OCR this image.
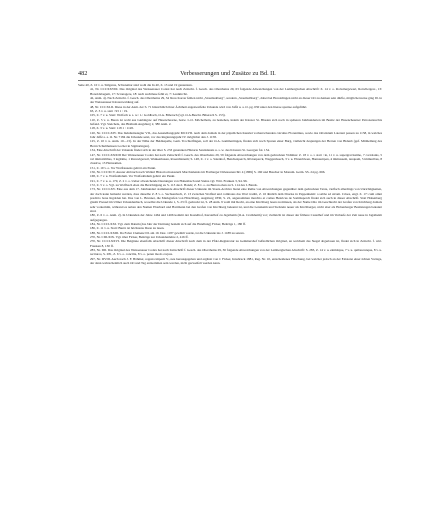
482	Verbesserungen und Zusätze zu Bd. II.

Seite 40, Z. 10 v. u. Sülgerus, Schwiemar sind wohl die In 40, Z. 13 und 19 genannten.

41, Nr. CCCXXVIII. Das Original des Weissenauer Codex hat nach Zeitschr. f. Gesch. des Oberrheins 29, 63 folgende Abweichungen von der Lambergischen Abschrift: Z. 14 v. o. Rotwilergewart, Rotwilergew., 13: Honoldsbegem, 17: Scranagere, 18: nach suchtleue fehlt et, 7: Leutkirchö.

42, Anm. 4). Nach Zeitschr. f. Gesch. des Oberrheins 29, 34 bloss Korrer fehlen nicht „Stoumsalberg“, sondern „Stoumslöberg“, dabei bei Honoldingen nicht an dieser Ort zu denken sein dürfte, möglicherweise ging Ill. in der Weissenauer Klosterwaldung auf.

48, Nr. CCCXLII. Diese in der Anm. der S. 71 hinsichtlich ihrer Ächtheit angezweifelte Urkunde wird von Jaffé u. a. O. pg. 630 unter den literae spuriae aufgeführt.

63, Z. 3 v. u. statt : 93 1 : 19.

105, Z. 7 v. u. Statt: Wolfach u. s. w.: 1.: Goldbach, O.A. Biberach (vgl. O.A.Beschr. Biberach S. 153).

110, Z. 5 v. u. Baren ist wohl aus Giebingaw auf Hasenchearne, bezw. L.O. Möchelbein, zu beziehen, indem der Kloster St. Blasien sich noch in späteren Jahrhunderten im Besitz der Hasenchearner Patronatsrechts befand. Vgl. Steichele, das Bisthum Augsburg 2, 380 Anm. 2.

118, Z. 3 v. u. Statt: 118 1 : 1120.

120, Nr. CCCLXIV. Das Indulteinsiegler VII., das Ausstellungsjahr MCLVII. nach dem damals in der päpstlichen Kanzlei vorherrschenden calculus Florentinus, sowie das Ortsdatum Laterani passen zu 1158, in welches Jahr Jaffé a. a. O. Nr. 7184 die Urkunde setzt, vor das Regierungsjahr IV. möglichst den J. 1158.

125, Z. 10 v. u. Anm. 10—15). In der Nähe der Heidkapelle, Gem. Trochtelfingen, soll der O.A. Gammertingen, finden sich noch Spuren einer Burg, vielleicht desjenigen der Herren von Bidenb (gef. Mittheilung des Herrn Schultheissen Locher in Sigmaringen).

134, Eine Abschrift der Urkunde findet sich in der über S. 233 genannten Historia Sandalensis u. s. w. des Klosters St. Georgen fol. 154.

147, Nr. CCCLXXXIII Der Weissenauer Codex hat nach Zeitschrift f. Gesch. des Oberrheins 29, 59 folgende Abweichungen von dem gedruckten Vidimus: Z. 18 v. o. t. statt : in, 11 v. u. supergravissimo, 7 coriolanis, 5 vel immobilibus, 3 legitime, 1 Rwuwigeswil, Wankenhusen, Rosenbinnem; S. 148, Z. 1 v. o. Salenhof, Henchenperch, Rivianperck, Waggenbaech, 3 v. u. Ehrenbiwen, Hannauirpen, 4 immussem, tenquam, 5 immuribus, 8 classive, 13 Harnsamen.

151, Z. 19 v. o. Vor Wolfrausens gehört ein Punkt.

156, Nr. CCCXCV. Auszer Abbruch nach Walleri Historia monasterii Marchtalensis im Freiburger Diözesanarchiv 4 (1869) S. 160 und Buscher in Monum. Germ. SS. 24 pg. 666.

168, Z. 7 v. u. Wolfaalhdum. Vor Wolfaalhdum gehört ein Punkt.

191, Z. 7 v. u. u. 170, Z. 2 v. o. Ueber abweichende Deutungen von Hohenbach und Steina vgl. Wirt. Franken 3, 94. 96.

172, Z. 5 v. o. Vgl. zu Wolfbach eben die Berichtigung zu S. 113 des I. Bands; Z. 8 v. o. zu Burren eben zu S. 114 des I. Bands.

173, Nr. CCCLXV. Eine aus dem 17. Jahrhundert stammende Abschrift dieser Urkunde im Staats-Archive bietet eine Reihe von Abweichungen gegenüber dem gedruckten Texte, vielfach allerdings von Unrichtigkeiten, der doch kann bemerkt werden, dass dieselbe Z. 8 v. o. Sachsenbach, Z. 13 zwischen Wolfzul und comitates das Wort traditi, Z. 16 ähnlich dem Drucke in Pappenheim: a sabbe ad ulcam. Crises, engl. Z. 17: cum omni predicto bone Ingolden hat. Das von L. Brunner, die Markgrafen von Hirschberg, Augsburg 1830, S. 22, angenommen marchio et comes Henricus de Sommsperch findet sich auch in dieser Abschrift. Statt Hohenberg glaubt Pressel im Ulmer Urkundenbuch, woselbst die Urkunde 1, S. 23 ff. gedruckt ist, S. 28 Anm. 9 wohl mit Recht, an eine Kirchberg lesen zu müssen, als der Name Otto im Geschlecht der Grafen von Kirchberg damals sehr vorkommt, während es neben den Namen Eberhard und Hartmann bei den Grafen von Kirchberg bekannt ist, und die Lenzkeim und Stelstein neuer als Kirchberger, nicht aber als Hohenberger Besitzungen bekannt sind.

180, Z. 6 v. o. Anm. 2). In Urkunden der Jahre 1464 und 1466 kommt der Kastelhof, Karstelhof zu Jagstheim (O.A. Crailsheim) vor; vielleicht ist dieser der frühere Castelhof und im Verlaufe der Zeit neue in Jagstheim aufgegangen.

184, Nr. CCCLXXI. Vgl. zum Datum (das Jahr der Datirung bezieht sich auf die Handlung) Ficker, Beiträge 1, 180 ff.

186, Z. 11 v. u. Statt: Burrn ist höchstens Duon zu lesen.

188, Nr. CCCLXXIII. Da Fabar Clemenz III. am 19. Dez. 1187 gewählt wurde, ist die Urkunde ins J. 1188 zu setzen.

270, Nr. CDLXIX. Vgl. über Ficker, Beiträge zur Urkundenlehre 2, 416 ff.

270, Nr. CCCLXXVI. Die Beiginne ebenfalls Abschrift dieser Abschrift nach dem in der Pfalz-Registratur zu Gemmershof befindlichen Original, an welchem das Siegel abgerissen ist, findet sich in Zeitschr. f. wirt. Franken 8, 130 ff.

283, Nr. DII. Das Original des Weissenauer Codex hat nach Zeitschrift f. Gesch. des Oberrheins 29, 36 folgende Abweichungen von der Lambergischen Abschrift: S. 283, Z. 14 v. u. einmitque, 7 v. u. quibuscunque, 8 v. u. recituros, S. 281, Z. 6 v. o. concilia, 8 v. o. peren modo corpus.

297, Nr. DVIII. Auch nach J. F. Böhmer, regesta imperii V., neu herausgegeben und ergänzt von J. Ficker, Innsbruck 1881, Reg. Nr. 10, entscheidenes Fälschung, bei welcher jedoch an der Existenz einer ächten Vorlage, der dann wahrscheinlich auch Ort und Tag entnommen sein werden, nicht gezweifelt werden kann.
